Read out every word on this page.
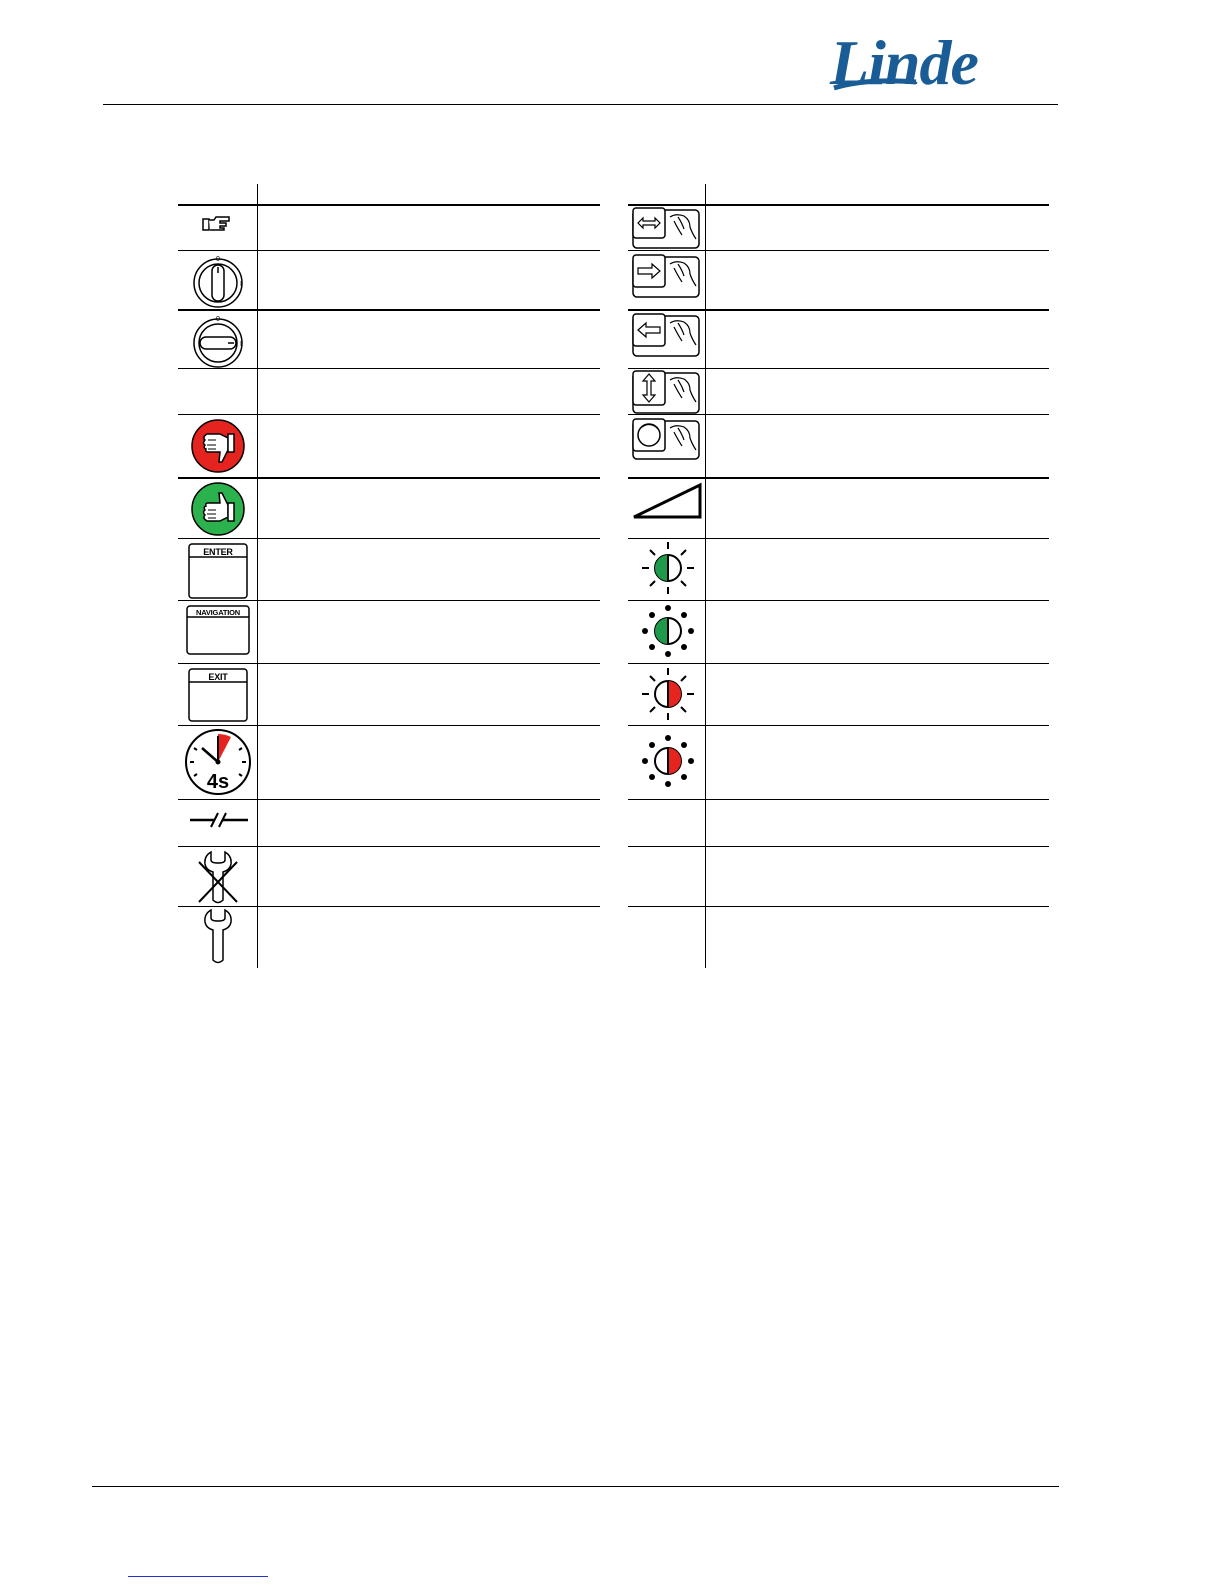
Linde
0
I
0
I
ENTER
NAVIGATION
EXIT
4s
